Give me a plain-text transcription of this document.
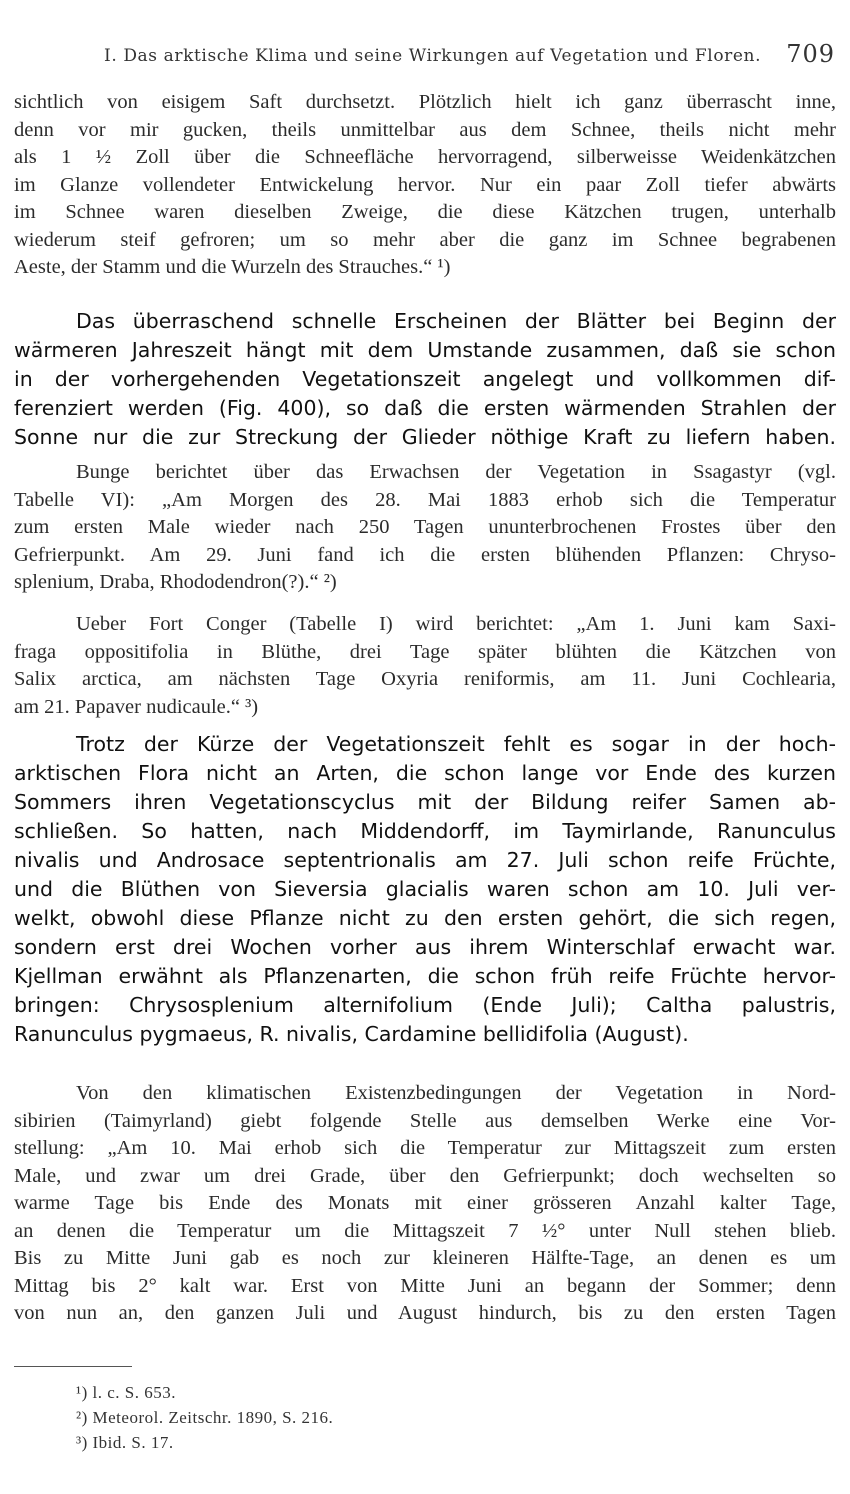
I. Das arktische Klima und seine Wirkungen auf Vegetation und Floren. 709
sichtlich von eisigem Saft durchsetzt. Plötzlich hielt ich ganz überrascht inne,
denn vor mir gucken, theils unmittelbar aus dem Schnee, theils nicht mehr
als 1 ½ Zoll über die Schneefläche hervorragend, silberweisse Weidenkätzchen
im Glanze vollendeter Entwickelung hervor. Nur ein paar Zoll tiefer abwärts
im Schnee waren dieselben Zweige, die diese Kätzchen trugen, unterhalb
wiederum steif gefroren; um so mehr aber die ganz im Schnee begrabenen
Aeste, der Stamm und die Wurzeln des Strauches.“ ¹)
Das überraschend schnelle Erscheinen der Blätter bei Beginn der
wärmeren Jahreszeit hängt mit dem Umstande zusammen, daß sie schon
in der vorhergehenden Vegetationszeit angelegt und vollkommen dif-
ferenziert werden (Fig. 400), so daß die ersten wärmenden Strahlen der
Sonne nur die zur Streckung der Glieder nöthige Kraft zu liefern haben.
Bunge berichtet über das Erwachsen der Vegetation in Ssagastyr (vgl.
Tabelle VI): „Am Morgen des 28. Mai 1883 erhob sich die Temperatur
zum ersten Male wieder nach 250 Tagen ununterbrochenen Frostes über den
Gefrierpunkt. Am 29. Juni fand ich die ersten blühenden Pflanzen: Chryso-
splenium, Draba, Rhododendron(?).“ ²)
Ueber Fort Conger (Tabelle I) wird berichtet: „Am 1. Juni kam Saxi-
fraga oppositifolia in Blüthe, drei Tage später blühten die Kätzchen von
Salix arctica, am nächsten Tage Oxyria reniformis, am 11. Juni Cochlearia,
am 21. Papaver nudicaule.“ ³)
Trotz der Kürze der Vegetationszeit fehlt es sogar in der hoch-
arktischen Flora nicht an Arten, die schon lange vor Ende des kurzen
Sommers ihren Vegetationscyclus mit der Bildung reifer Samen ab-
schließen. So hatten, nach Middendorff, im Taymirlande, Ranunculus
nivalis und Androsace septentrionalis am 27. Juli schon reife Früchte,
und die Blüthen von Sieversia glacialis waren schon am 10. Juli ver-
welkt, obwohl diese Pflanze nicht zu den ersten gehört, die sich regen,
sondern erst drei Wochen vorher aus ihrem Winterschlaf erwacht war.
Kjellman erwähnt als Pflanzenarten, die schon früh reife Früchte hervor-
bringen: Chrysosplenium alternifolium (Ende Juli); Caltha palustris,
Ranunculus pygmaeus, R. nivalis, Cardamine bellidifolia (August).
Von den klimatischen Existenzbedingungen der Vegetation in Nord-
sibirien (Taimyrland) giebt folgende Stelle aus demselben Werke eine Vor-
stellung: „Am 10. Mai erhob sich die Temperatur zur Mittagszeit zum ersten
Male, und zwar um drei Grade, über den Gefrierpunkt; doch wechselten so
warme Tage bis Ende des Monats mit einer grösseren Anzahl kalter Tage,
an denen die Temperatur um die Mittagszeit 7 ½° unter Null stehen blieb.
Bis zu Mitte Juni gab es noch zur kleineren Hälfte-Tage, an denen es um
Mittag bis 2° kalt war. Erst von Mitte Juni an begann der Sommer; denn
von nun an, den ganzen Juli und August hindurch, bis zu den ersten Tagen
¹) l. c. S. 653.
²) Meteorol. Zeitschr. 1890, S. 216.
³) Ibid. S. 17.
